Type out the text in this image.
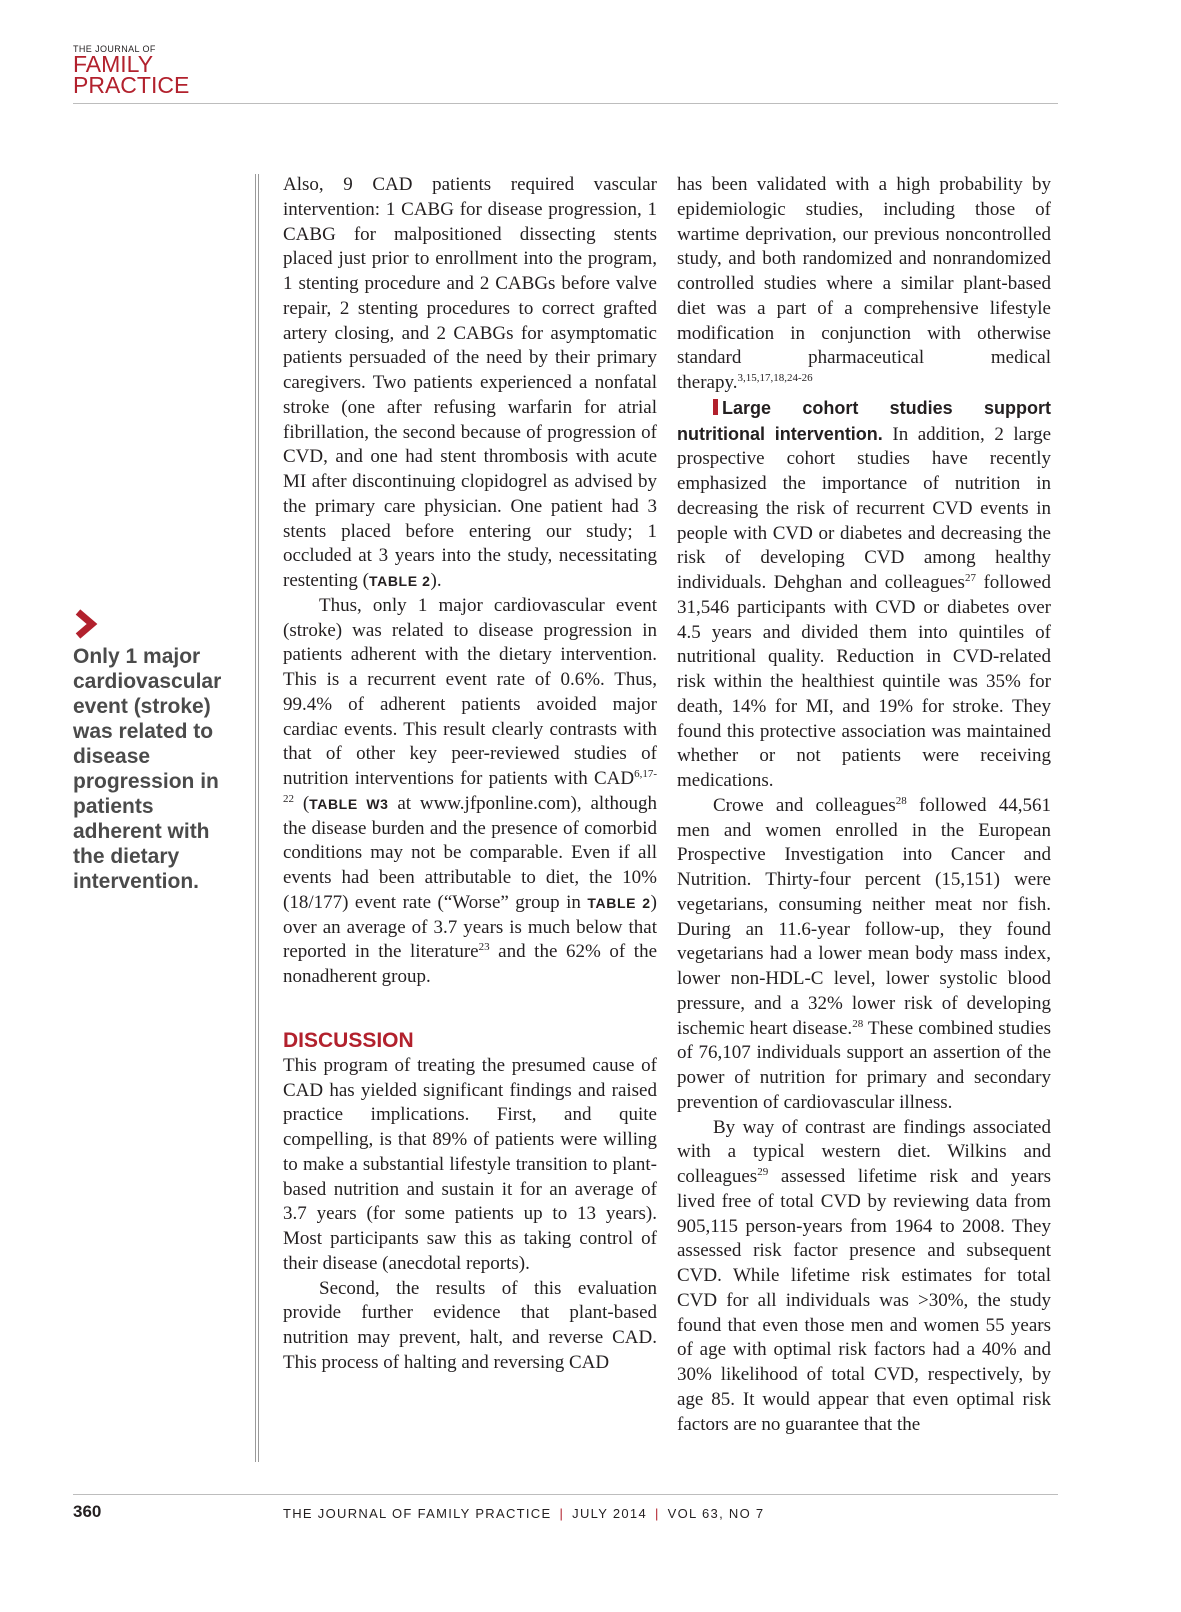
THE JOURNAL OF
FAMILY
PRACTICE

Only 1 major cardiovascular event (stroke) was related to disease progression in patients adherent with the dietary intervention.

Also, 9 CAD patients required vascular intervention: 1 CABG for disease progression, 1 CABG for malpositioned dissecting stents placed just prior to enrollment into the program, 1 stenting procedure and 2 CABGs before valve repair, 2 stenting procedures to correct grafted artery closing, and 2 CABGs for asymptomatic patients persuaded of the need by their primary caregivers. Two patients experienced a nonfatal stroke (one after refusing warfarin for atrial fibrillation, the second because of progression of CVD, and one had stent thrombosis with acute MI after discontinuing clopidogrel as advised by the primary care physician. One patient had 3 stents placed before entering our study; 1 occluded at 3 years into the study, necessitating restenting (TABLE 2).

Thus, only 1 major cardiovascular event (stroke) was related to disease progression in patients adherent with the dietary intervention. This is a recurrent event rate of 0.6%. Thus, 99.4% of adherent patients avoided major cardiac events. This result clearly contrasts with that of other key peer-reviewed studies of nutrition interventions for patients with CAD$^{6,17-22}$ (TABLE W3 at www.jfponline.com), although the disease burden and the presence of comorbid conditions may not be comparable. Even if all events had been attributable to diet, the 10% (18/177) event rate (“Worse” group in TABLE 2) over an average of 3.7 years is much below that reported in the literature$^{23}$ and the 62% of the nonadherent group.

DISCUSSION

This program of treating the presumed cause of CAD has yielded significant findings and raised practice implications. First, and quite compelling, is that 89% of patients were willing to make a substantial lifestyle transition to plant-based nutrition and sustain it for an average of 3.7 years (for some patients up to 13 years). Most participants saw this as taking control of their disease (anecdotal reports).

Second, the results of this evaluation provide further evidence that plant-based nutrition may prevent, halt, and reverse CAD. This process of halting and reversing CAD

has been validated with a high probability by epidemiologic studies, including those of wartime deprivation, our previous noncontrolled study, and both randomized and nonrandomized controlled studies where a similar plant-based diet was a part of a comprehensive lifestyle modification in conjunction with otherwise standard pharmaceutical medical therapy.$^{3,15,17,18,24-26}$

Large cohort studies support nutritional intervention. In addition, 2 large prospective cohort studies have recently emphasized the importance of nutrition in decreasing the risk of recurrent CVD events in people with CVD or diabetes and decreasing the risk of developing CVD among healthy individuals. Dehghan and colleagues$^{27}$ followed 31,546 participants with CVD or diabetes over 4.5 years and divided them into quintiles of nutritional quality. Reduction in CVD-related risk within the healthiest quintile was 35% for death, 14% for MI, and 19% for stroke. They found this protective association was maintained whether or not patients were receiving medications.

Crowe and colleagues$^{28}$ followed 44,561 men and women enrolled in the European Prospective Investigation into Cancer and Nutrition. Thirty-four percent (15,151) were vegetarians, consuming neither meat nor fish. During an 11.6-year follow-up, they found vegetarians had a lower mean body mass index, lower non-HDL-C level, lower systolic blood pressure, and a 32% lower risk of developing ischemic heart disease.$^{28}$ These combined studies of 76,107 individuals support an assertion of the power of nutrition for primary and secondary prevention of cardiovascular illness.

By way of contrast are findings associated with a typical western diet. Wilkins and colleagues$^{29}$ assessed lifetime risk and years lived free of total CVD by reviewing data from 905,115 person-years from 1964 to 2008. They assessed risk factor presence and subsequent CVD. While lifetime risk estimates for total CVD for all individuals was >30%, the study found that even those men and women 55 years of age with optimal risk factors had a 40% and 30% likelihood of total CVD, respectively, by age 85. It would appear that even optimal risk factors are no guarantee that the

360	THE JOURNAL OF FAMILY PRACTICE | JULY 2014 | VOL 63, NO 7
